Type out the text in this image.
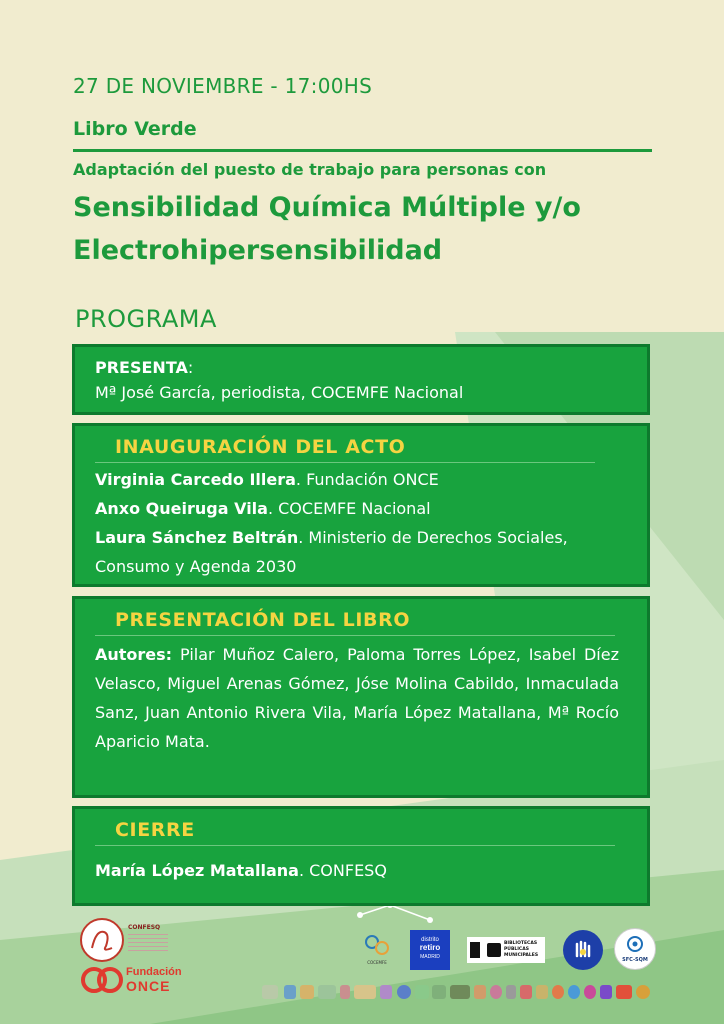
27 DE NOVIEMBRE - 17:00HS
Libro Verde
Adaptación del puesto de trabajo para personas con
Sensibilidad Química Múltiple y/o
Electrohipersensibilidad
PROGRAMA
PRESENTA:
Mª José García, periodista, COCEMFE Nacional
INAUGURACIÓN DEL ACTO
Virginia Carcedo Illera. Fundación ONCE
Anxo Queiruga Vila. COCEMFE Nacional
Laura Sánchez Beltrán. Ministerio de Derechos Sociales, Consumo y Agenda 2030
PRESENTACIÓN DEL LIBRO
Autores: Pilar Muñoz Calero, Paloma Torres López, Isabel Díez Velasco, Miguel Arenas Gómez, Jóse Molina Cabildo, Inmaculada Sanz, Juan Antonio Rivera Vila, María López Matallana, Mª Rocío Aparicio Mata.
CIERRE
María López Matallana. CONFESQ
CONFESQ
Fundación
ONCE
COCEMFE
distrito
retiro
MADRID
BIBLIOTECAS PÚBLICAS MUNICIPALES
SFC-SQM
